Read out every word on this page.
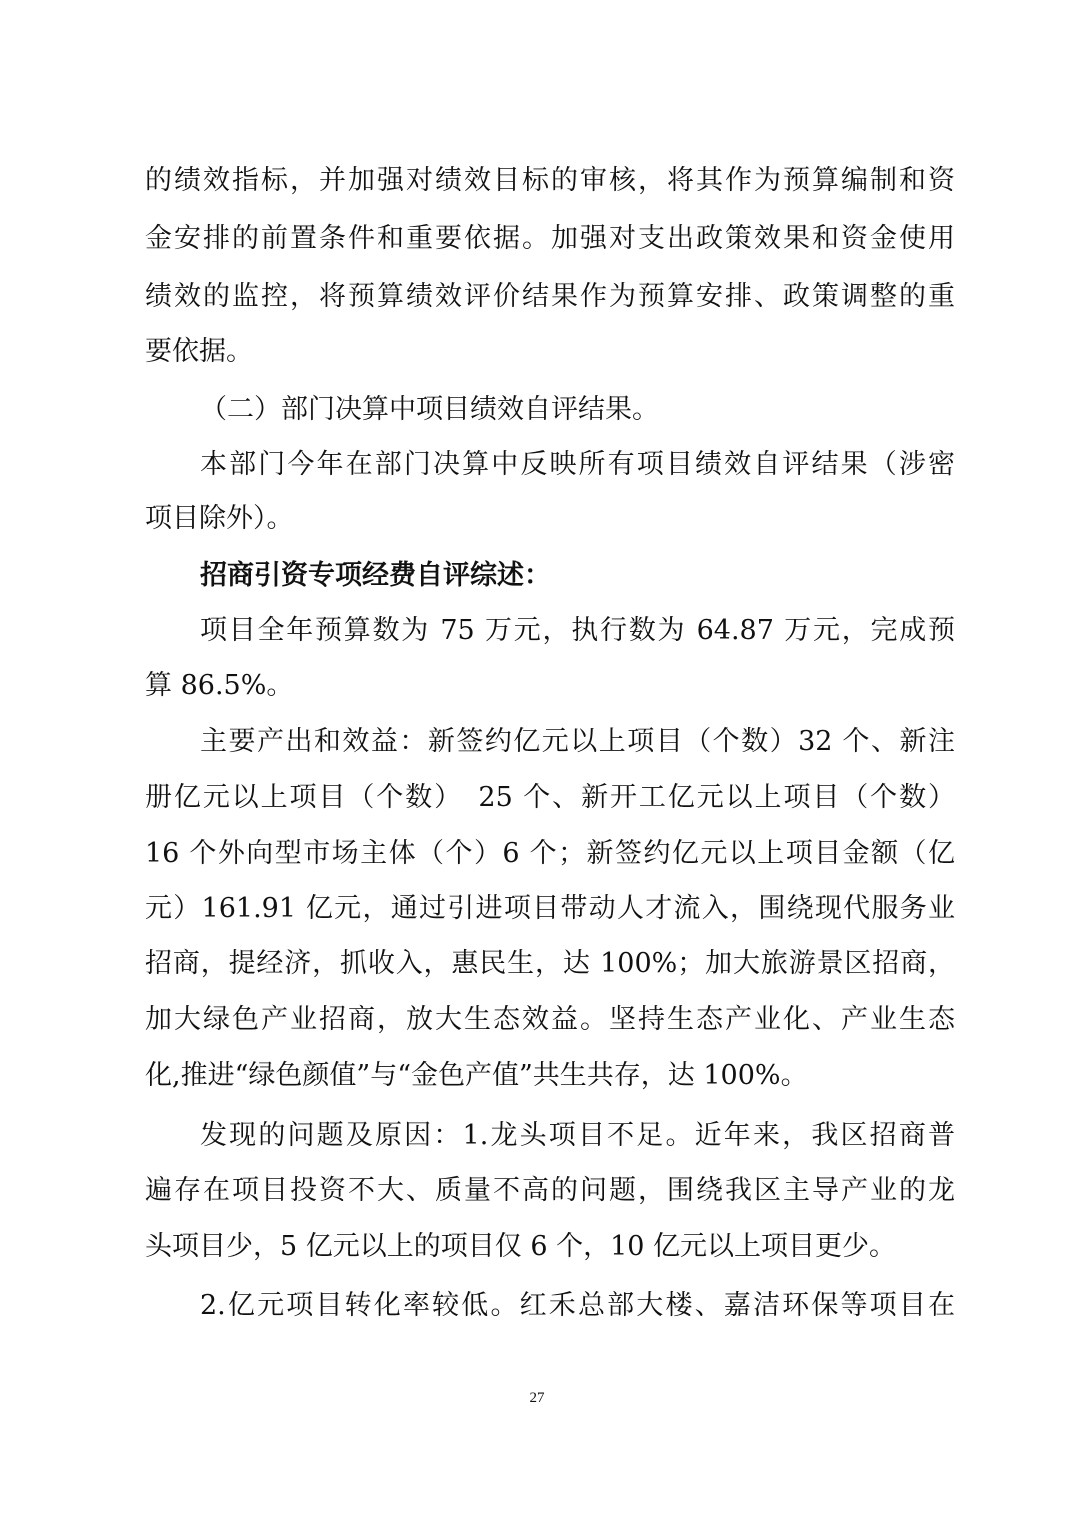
的绩效指标，并加强对绩效目标的审核，将其作为预算编制和资
金安排的前置条件和重要依据。加强对支出政策效果和资金使用
绩效的监控，将预算绩效评价结果作为预算安排、政策调整的重
要依据。
（二）部门决算中项目绩效自评结果。
本部门今年在部门决算中反映所有项目绩效自评结果（涉密
项目除外）。
招商引资专项经费自评综述：
项目全年预算数为 75 万元，执行数为 64.87 万元，完成预
算 86.5%。
主要产出和效益：新签约亿元以上项目（个数）32 个、新注
册亿元以上项目（个数）　25 个、新开工亿元以上项目（个数）
16 个外向型市场主体（个）6 个；新签约亿元以上项目金额（亿
元）161.91 亿元，通过引进项目带动人才流入，围绕现代服务业
招商，提经济，抓收入，惠民生，达 100%；加大旅游景区招商，
加大绿色产业招商，放大生态效益。坚持生态产业化、产业生态
化,推进“绿色颜值”与“金色产值”共生共存，达 100%。
发现的问题及原因：1.龙头项目不足。近年来，我区招商普
遍存在项目投资不大、质量不高的问题，围绕我区主导产业的龙
头项目少，5 亿元以上的项目仅 6 个，10 亿元以上项目更少。
2.亿元项目转化率较低。红禾总部大楼、嘉洁环保等项目在
27
